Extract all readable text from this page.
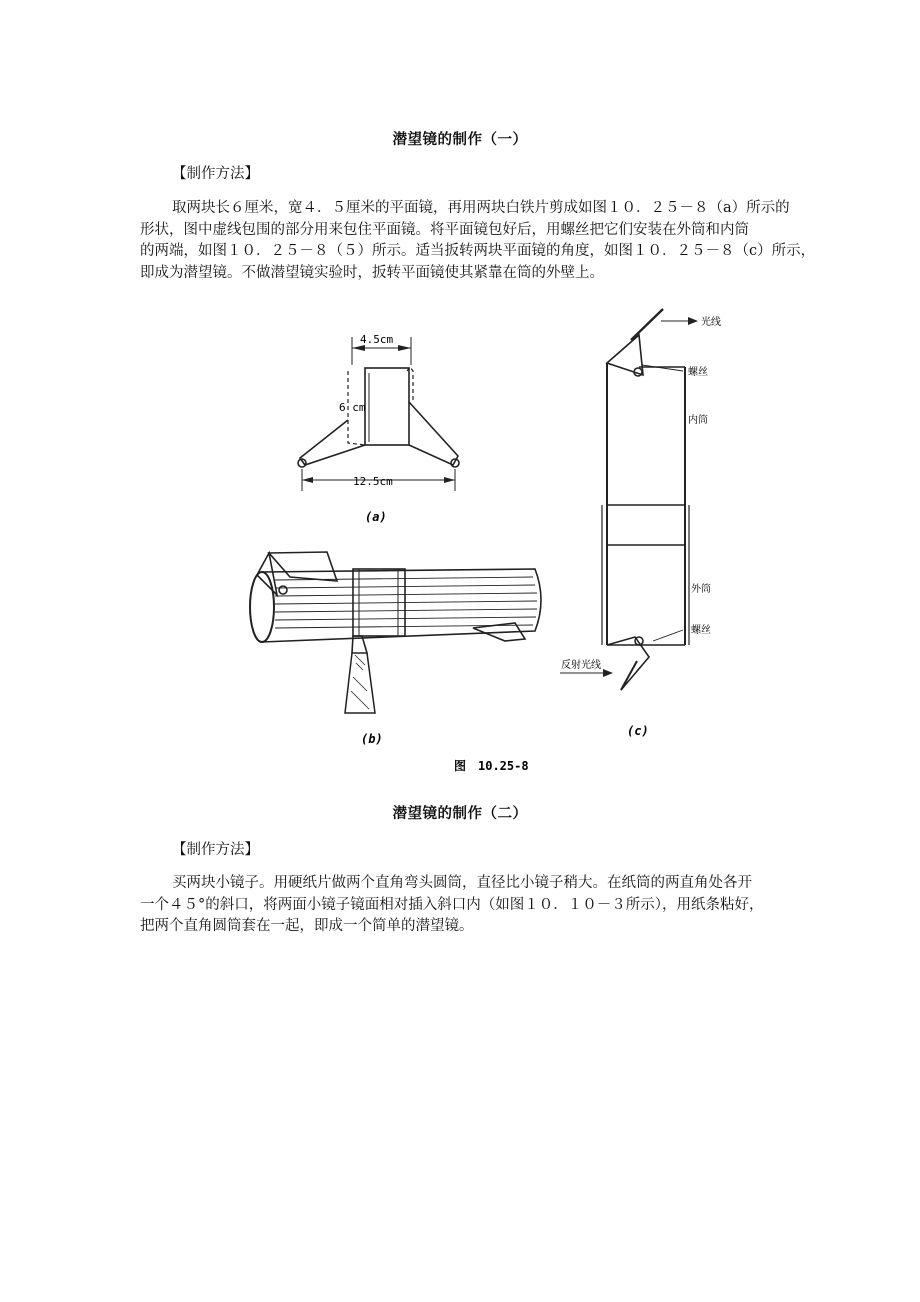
潜望镜的制作（一）
【制作方法】
取两块长６厘米，宽４．５厘米的平面镜，再用两块白铁片剪成如图１０．２５－８（a）所示的
形状，图中虚线包围的部分用来包住平面镜。将平面镜包好后，用螺丝把它们安装在外筒和内筒
的两端，如图１０．２５－８（５）所示。适当扳转两块平面镜的角度，如图１０．２５－８（c）所示，
即成为潜望镜。不做潜望镜实验时，扳转平面镜使其紧靠在筒的外壁上。
4.5cm
6 cm
12.5cm
(a)
(b)
(c)
图　10.25-8
光线
螺丝
内筒
外筒
螺丝
反射光线
潜望镜的制作（二）
【制作方法】
买两块小镜子。用硬纸片做两个直角弯头圆筒，直径比小镜子稍大。在纸筒的两直角处各开
一个４５°的斜口，将两面小镜子镜面相对插入斜口内（如图１０．１０－３所示），用纸条粘好，
把两个直角圆筒套在一起，即成一个简单的潜望镜。
